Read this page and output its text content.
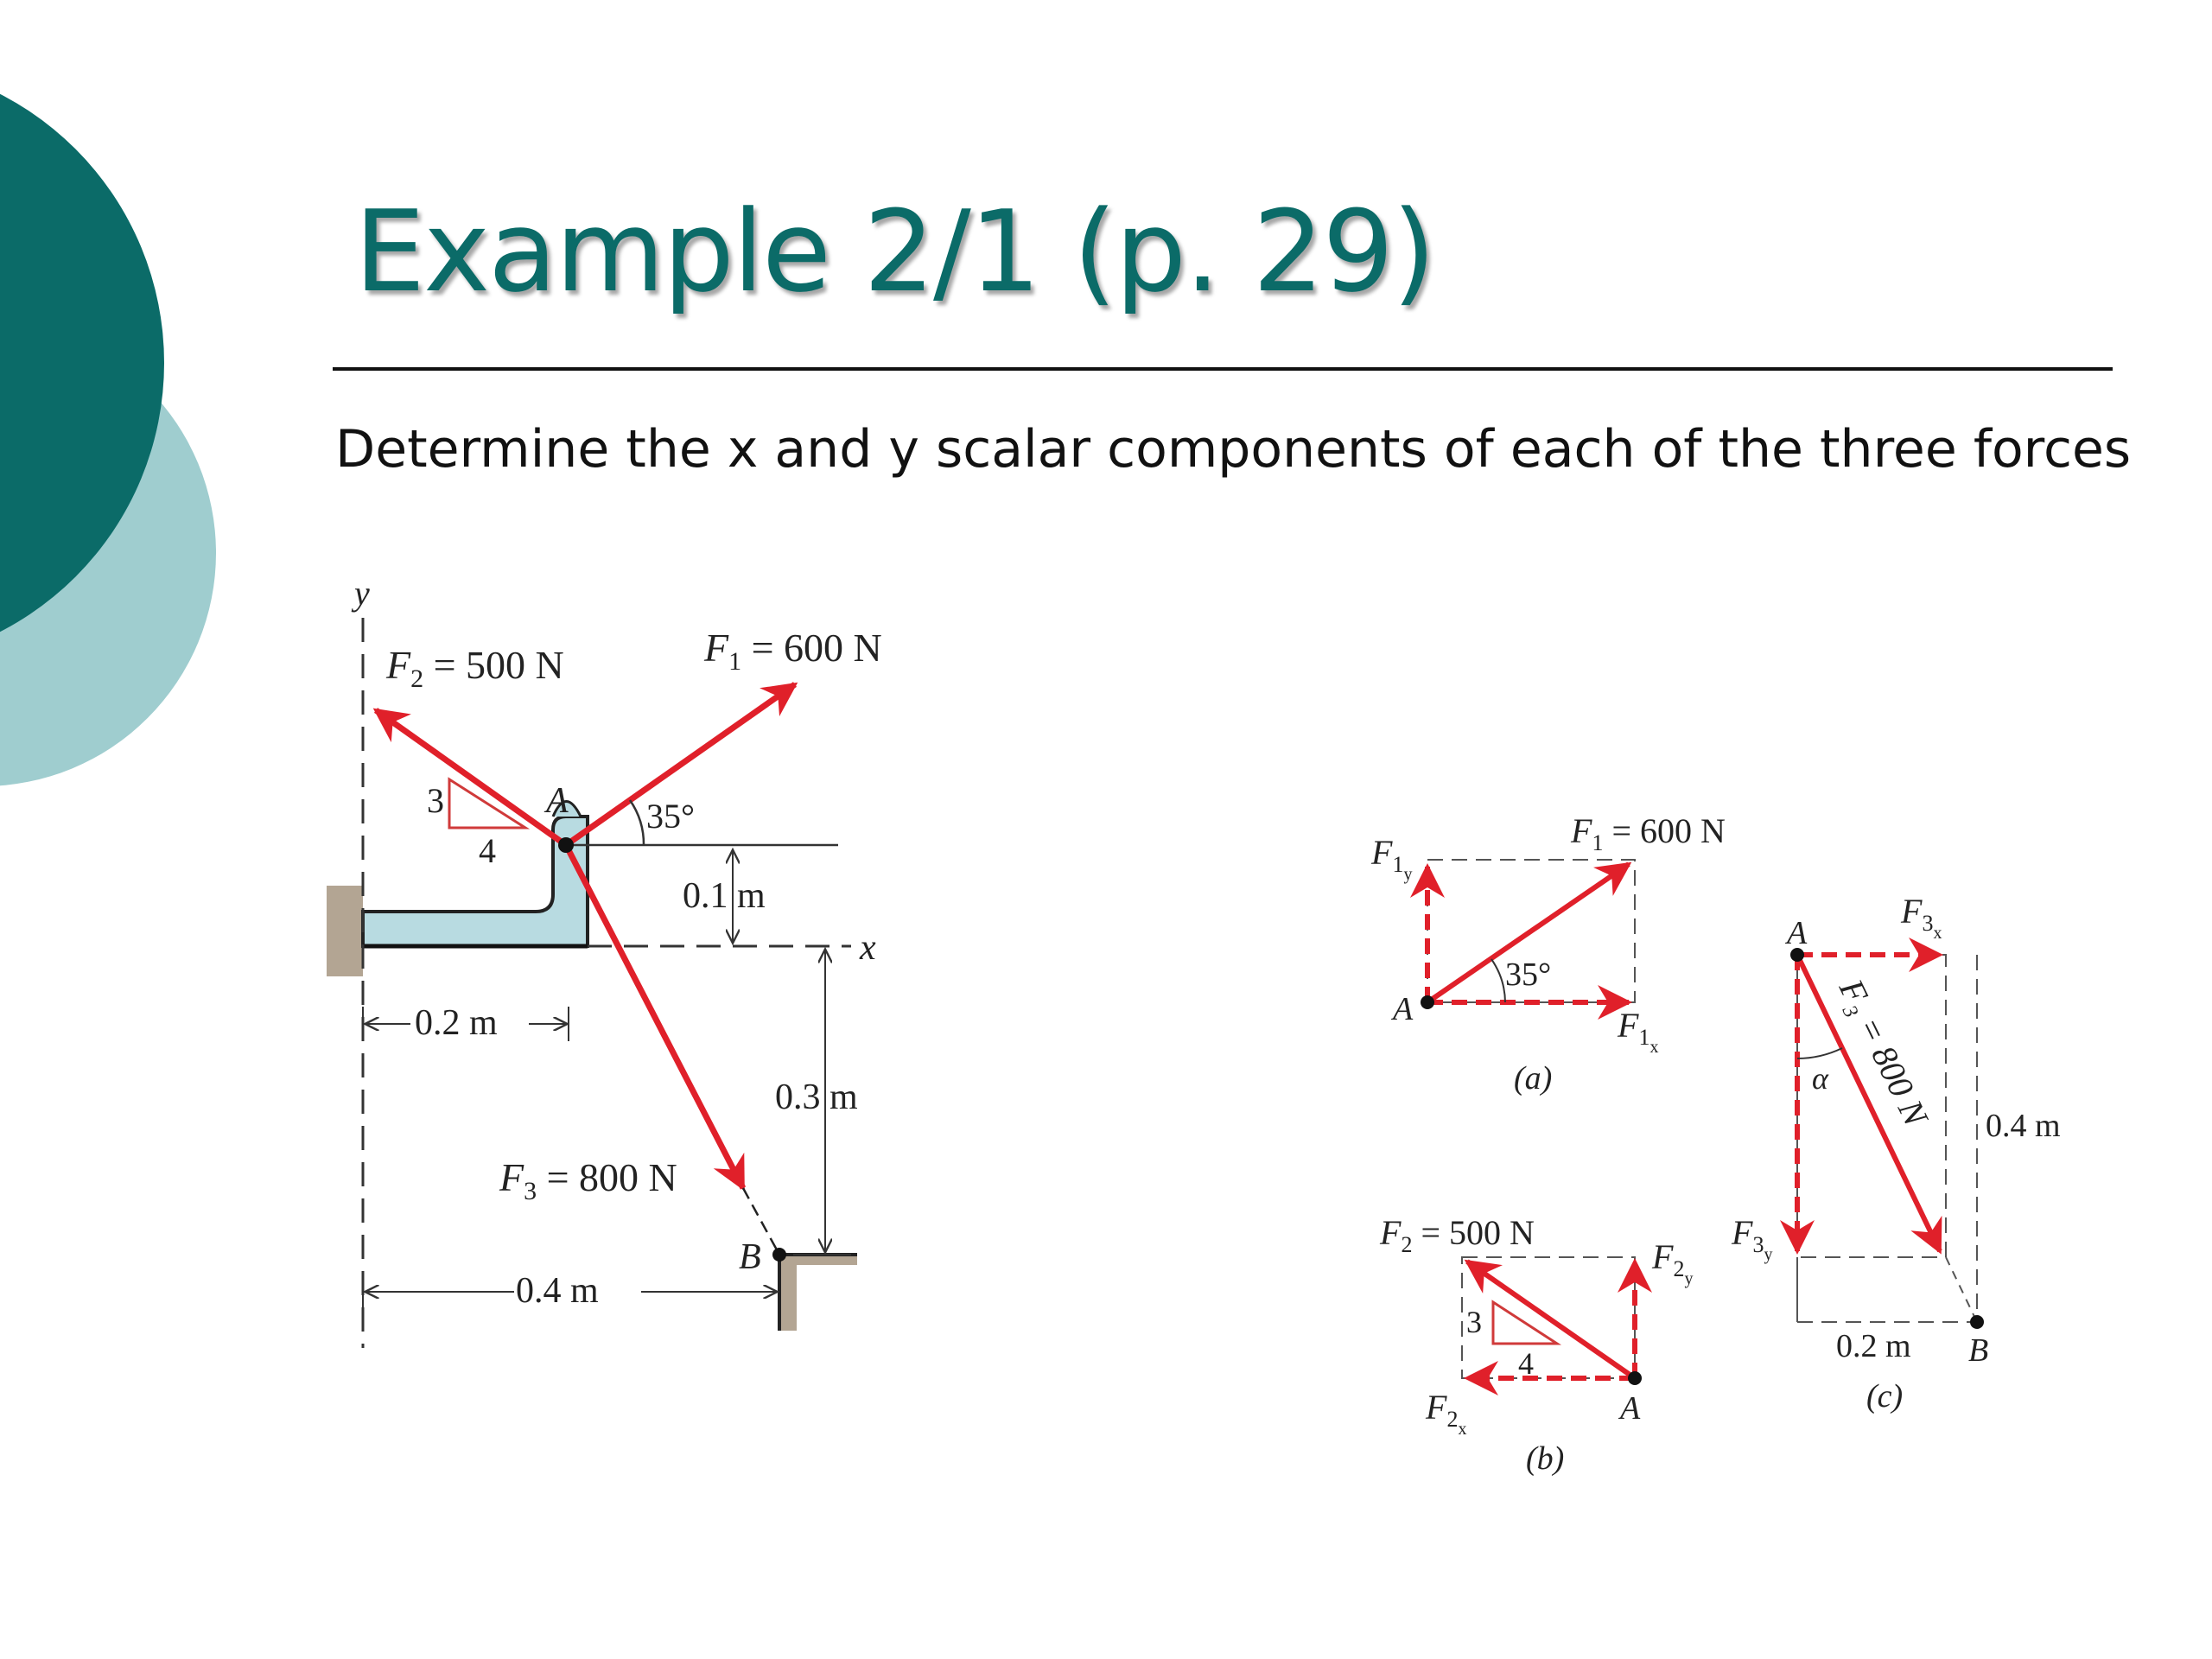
Example 2/1 (p. 29)
Determine the x and y scalar components of each of the three forces
y
x
A
B
$F_1 = 600$ N
$F_2 = 500$ N
$F_3 = 800$ N
35°
3
4
0.1 m
0.2 m
0.3 m
0.4 m
35°
A
$F_1 = 600$ N
$F_{1y}$
$F_{1x}$
(a)
3
4
A
$F_2 = 500$ N
$F_{2y}$
$F_{2x}$
(b)
α
A
B
$F_{3x}$
$F_{3y}$
F₃ = 800 N 0.4 m
0.2 m
(c)
